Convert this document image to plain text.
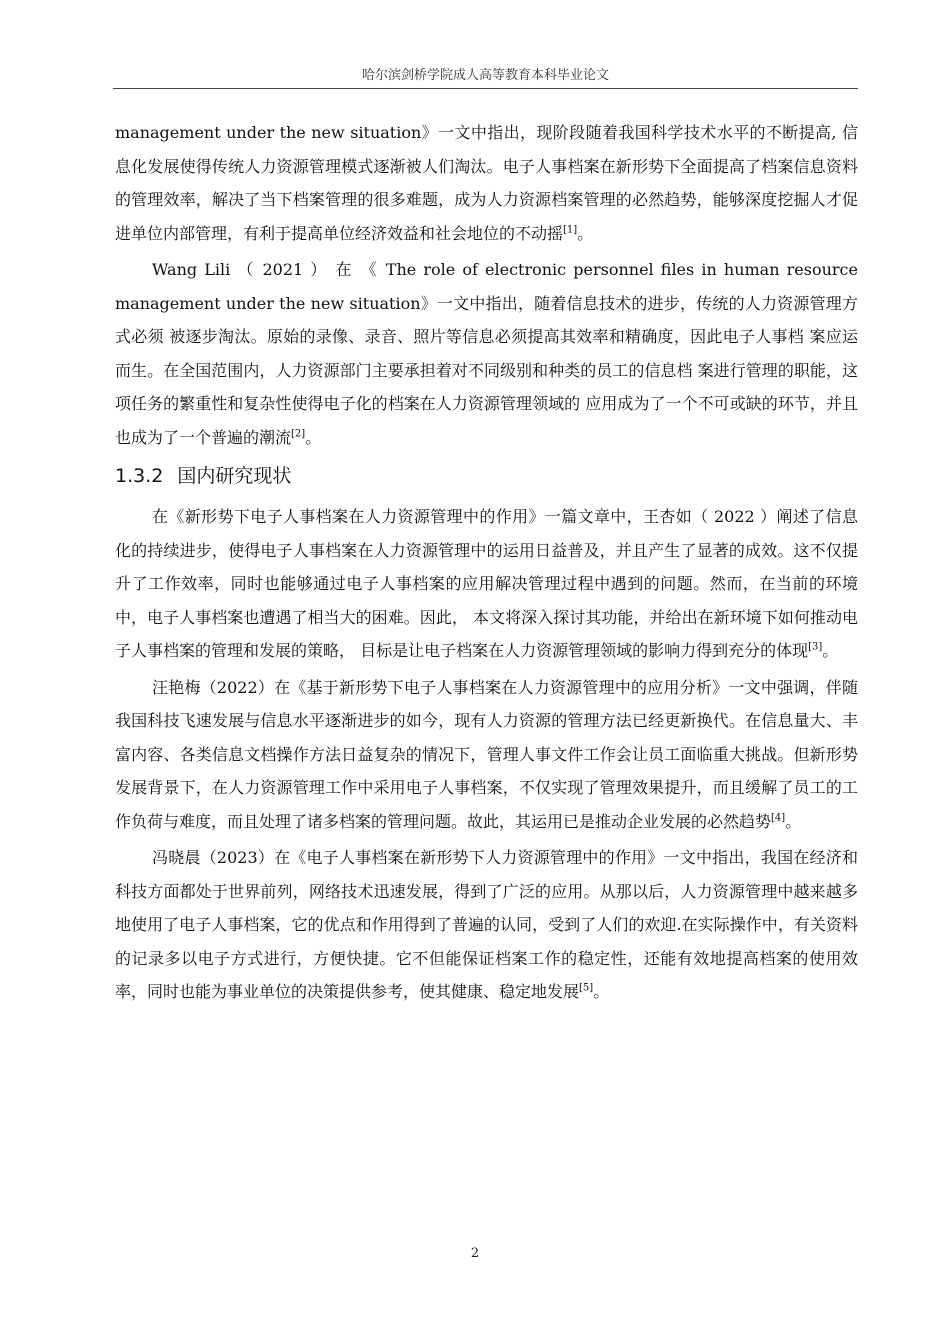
哈尔滨剑桥学院成人高等教育本科毕业论文

management under the new situation》一文中指出，现阶段随着我国科学技术水平的不断提高, 信息化发展使得传统人力资源管理模式逐渐被人们淘汰。电子人事档案在新形势下全面提高了档案信息资料的管理效率，解决了当下档案管理的很多难题，成为人力资源档案管理的必然趋势，能够深度挖掘人才促进单位内部管理，有利于提高单位经济效益和社会地位的不动摇[1]。

Wang Lili （ 2021 ） 在 《 The role of electronic personnel files in human resource management under the new situation》一文中指出，随着信息技术的进步，传统的人力资源管理方式必须 被逐步淘汰。原始的录像、录音、照片等信息必须提高其效率和精确度，因此电子人事档 案应运而生。在全国范围内，人力资源部门主要承担着对不同级别和种类的员工的信息档 案进行管理的职能，这项任务的繁重性和复杂性使得电子化的档案在人力资源管理领域的 应用成为了一个不可或缺的环节，并且也成为了一个普遍的潮流[2]。

1.3.2 国内研究现状

在《新形势下电子人事档案在人力资源管理中的作用》一篇文章中，王杏如（ 2022 ）阐述了信息化的持续进步，使得电子人事档案在人力资源管理中的运用日益普及，并且产生了显著的成效。这不仅提升了工作效率，同时也能够通过电子人事档案的应用解决管理过程中遇到的问题。然而，在当前的环境中，电子人事档案也遭遇了相当大的困难。因此， 本文将深入探讨其功能，并给出在新环境下如何推动电子人事档案的管理和发展的策略， 目标是让电子档案在人力资源管理领域的影响力得到充分的体现[3]。

汪艳梅（2022）在《基于新形势下电子人事档案在人力资源管理中的应用分析》一文中强调，伴随我国科技飞速发展与信息水平逐渐进步的如今，现有人力资源的管理方法已经更新换代。在信息量大、丰富内容、各类信息文档操作方法日益复杂的情况下，管理人事文件工作会让员工面临重大挑战。但新形势发展背景下，在人力资源管理工作中采用电子人事档案，不仅实现了管理效果提升，而且缓解了员工的工作负荷与难度，而且处理了诸多档案的管理问题。故此，其运用已是推动企业发展的必然趋势[4]。

冯晓晨（2023）在《电子人事档案在新形势下人力资源管理中的作用》一文中指出，我国在经济和科技方面都处于世界前列，网络技术迅速发展，得到了广泛的应用。从那以后，人力资源管理中越来越多地使用了电子人事档案，它的优点和作用得到了普遍的认同，受到了人们的欢迎.在实际操作中，有关资料的记录多以电子方式进行，方便快捷。它不但能保证档案工作的稳定性，还能有效地提高档案的使用效率，同时也能为事业单位的决策提供参考，使其健康、稳定地发展[5]。

2
